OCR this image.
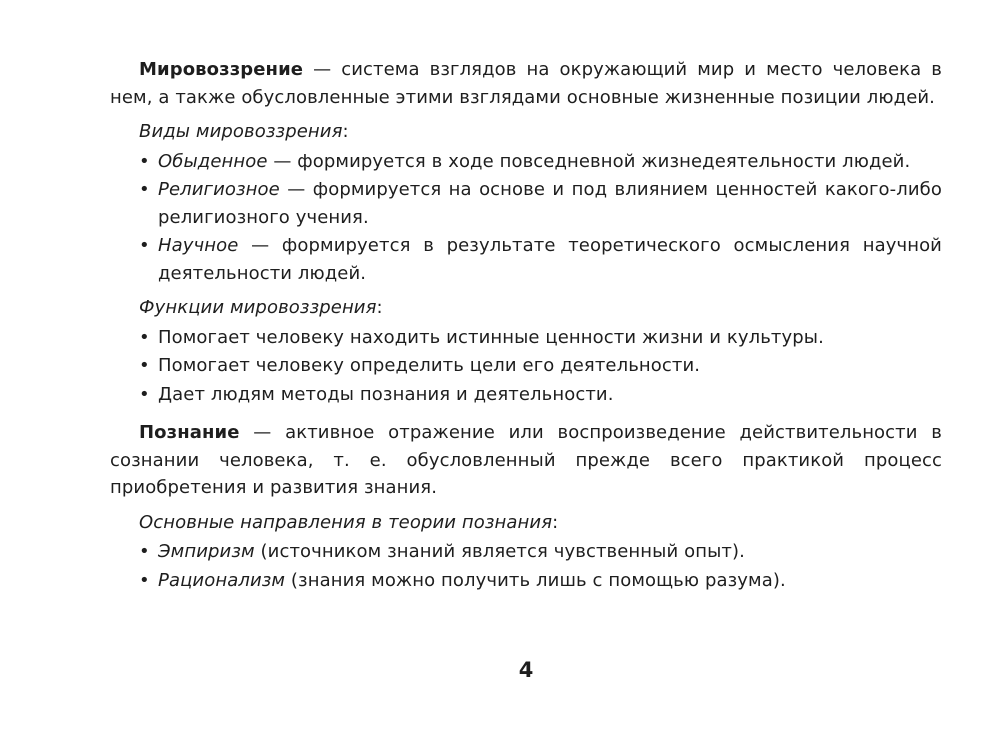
Мировоззрение — система взглядов на окружающий мир и место человека в нем, а также обусловленные этими взглядами основные жизненные позиции людей.

Виды мировоззрения:

• Обыденное — формируется в ходе повседневной жизнедеятельности людей.
• Религиозное — формируется на основе и под влиянием ценностей какого-либо религиозного учения.
• Научное — формируется в результате теоретического осмысления научной деятельности людей.

Функции мировоззрения:

• Помогает человеку находить истинные ценности жизни и культуры.
• Помогает человеку определить цели его деятельности.
• Дает людям методы познания и деятельности.

Познание — активное отражение или воспроизведение действительности в сознании человека, т. е. обусловленный прежде всего практикой процесс приобретения и развития знания.

Основные направления в теории познания:

• Эмпиризм (источником знаний является чувственный опыт).
• Рационализм (знания можно получить лишь с помощью разума).
4
